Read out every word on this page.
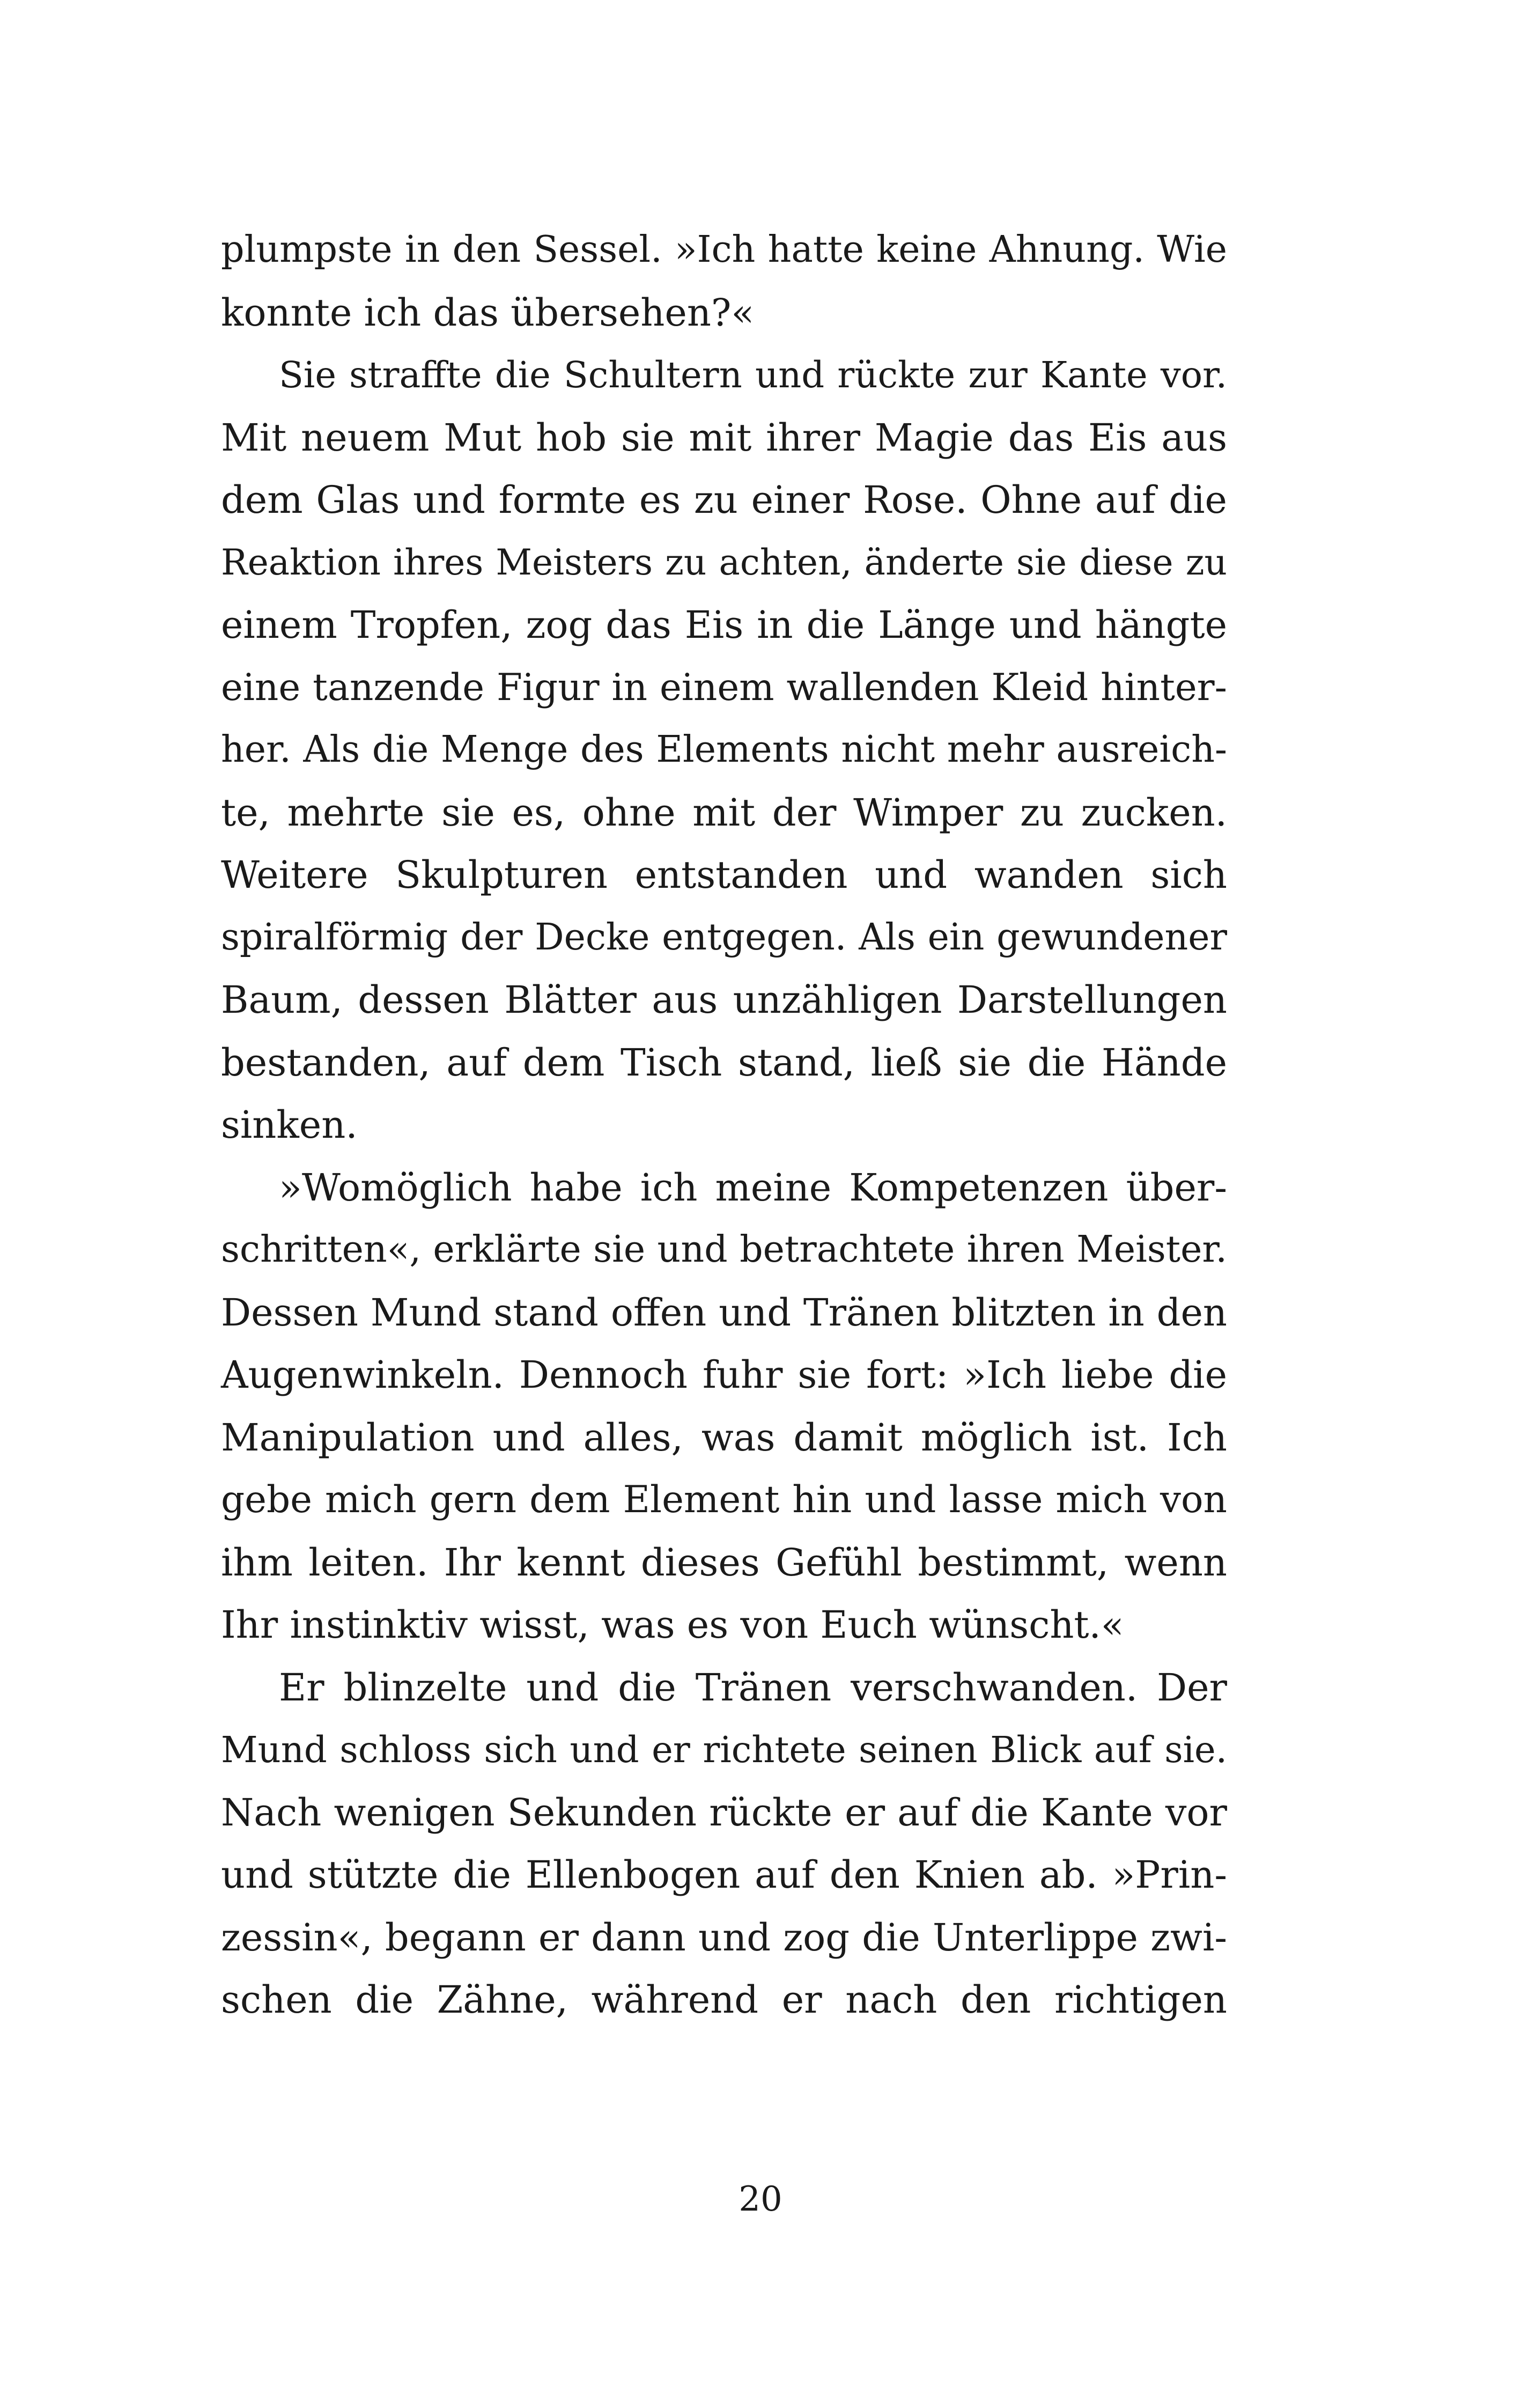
plumpste in den Sessel. »Ich hatte keine Ahnung. Wie
konnte ich das übersehen?«
Sie straffte die Schultern und rückte zur Kante vor.
Mit neuem Mut hob sie mit ihrer Magie das Eis aus
dem Glas und formte es zu einer Rose. Ohne auf die
Reaktion ihres Meisters zu achten, änderte sie diese zu
einem Tropfen, zog das Eis in die Länge und hängte
eine tanzende Figur in einem wallenden Kleid hinter-
her. Als die Menge des Elements nicht mehr ausreich-
te, mehrte sie es, ohne mit der Wimper zu zucken.
Weitere Skulpturen entstanden und wanden sich
spiralförmig der Decke entgegen. Als ein gewundener
Baum, dessen Blätter aus unzähligen Darstellungen
bestanden, auf dem Tisch stand, ließ sie die Hände
sinken.
»Womöglich habe ich meine Kompetenzen über-
schritten«, erklärte sie und betrachtete ihren Meister.
Dessen Mund stand offen und Tränen blitzten in den
Augenwinkeln. Dennoch fuhr sie fort: »Ich liebe die
Manipulation und alles, was damit möglich ist. Ich
gebe mich gern dem Element hin und lasse mich von
ihm leiten. Ihr kennt dieses Gefühl bestimmt, wenn
Ihr instinktiv wisst, was es von Euch wünscht.«
Er blinzelte und die Tränen verschwanden. Der
Mund schloss sich und er richtete seinen Blick auf sie.
Nach wenigen Sekunden rückte er auf die Kante vor
und stützte die Ellenbogen auf den Knien ab. »Prin-
zessin«, begann er dann und zog die Unterlippe zwi-
schen die Zähne, während er nach den richtigen
20
